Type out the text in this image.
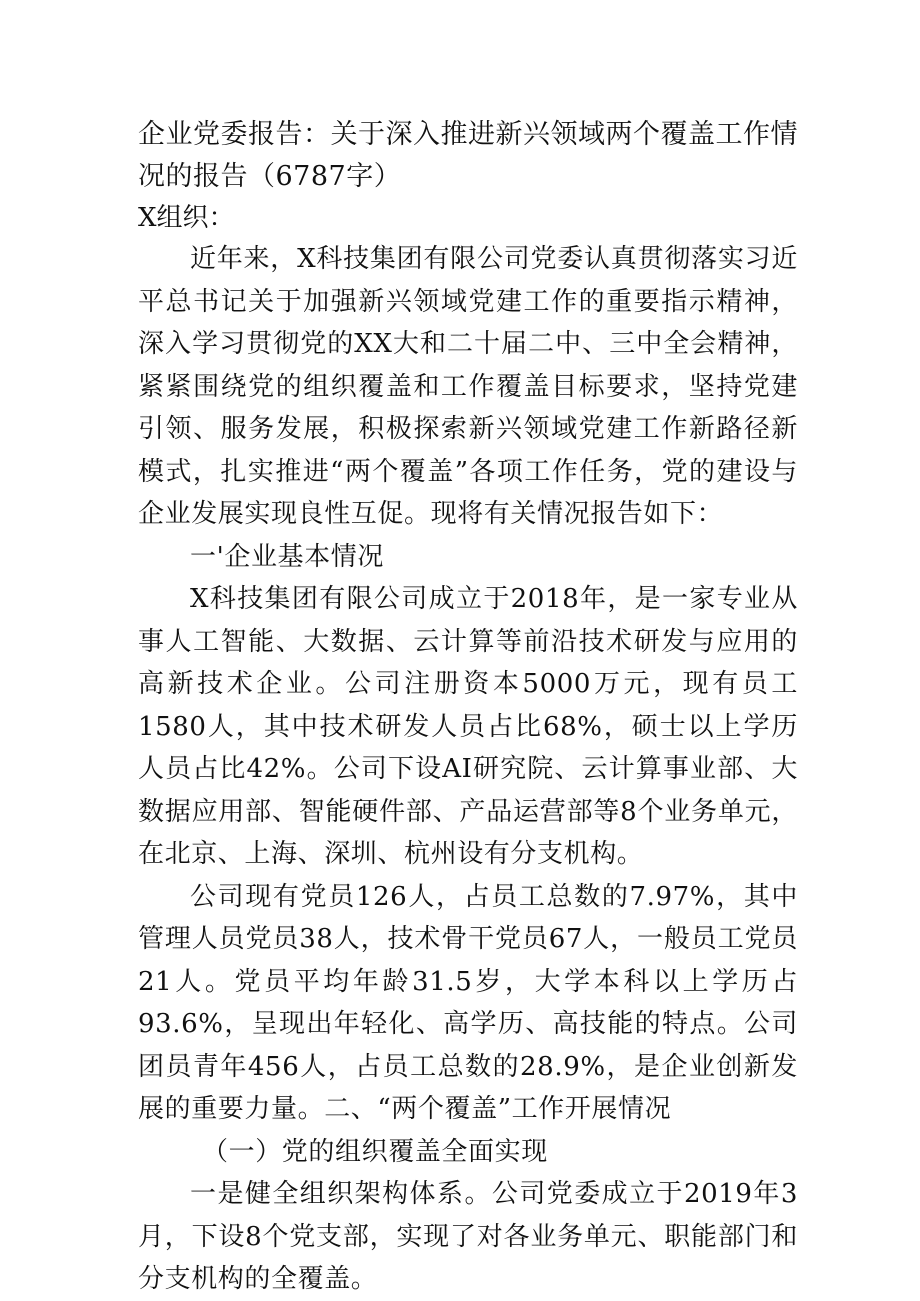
企业党委报告：关于深入推进新兴领域两个覆盖工作情况的报告（6787字）

X组织：

近年来，X科技集团有限公司党委认真贯彻落实习近平总书记关于加强新兴领域党建工作的重要指示精神，深入学习贯彻党的XX大和二十届二中、三中全会精神，紧紧围绕党的组织覆盖和工作覆盖目标要求，坚持党建引领、服务发展，积极探索新兴领域党建工作新路径新模式，扎实推进“两个覆盖”各项工作任务，党的建设与企业发展实现良性互促。现将有关情况报告如下：

一'企业基本情况

X科技集团有限公司成立于2018年，是一家专业从事人工智能、大数据、云计算等前沿技术研发与应用的高新技术企业。公司注册资本5000万元，现有员工1580人，其中技术研发人员占比68%，硕士以上学历人员占比42%。公司下设AI研究院、云计算事业部、大数据应用部、智能硬件部、产品运营部等8个业务单元，在北京、上海、深圳、杭州设有分支机构。

公司现有党员126人，占员工总数的7.97%，其中管理人员党员38人，技术骨干党员67人，一般员工党员21人。党员平均年龄31.5岁，大学本科以上学历占93.6%，呈现出年轻化、高学历、高技能的特点。公司团员青年456人，占员工总数的28.9%，是企业创新发展的重要力量。二、“两个覆盖”工作开展情况

（一）党的组织覆盖全面实现

一是健全组织架构体系。公司党委成立于2019年3月，下设8个党支部，实现了对各业务单元、职能部门和分支机构的全覆盖。
